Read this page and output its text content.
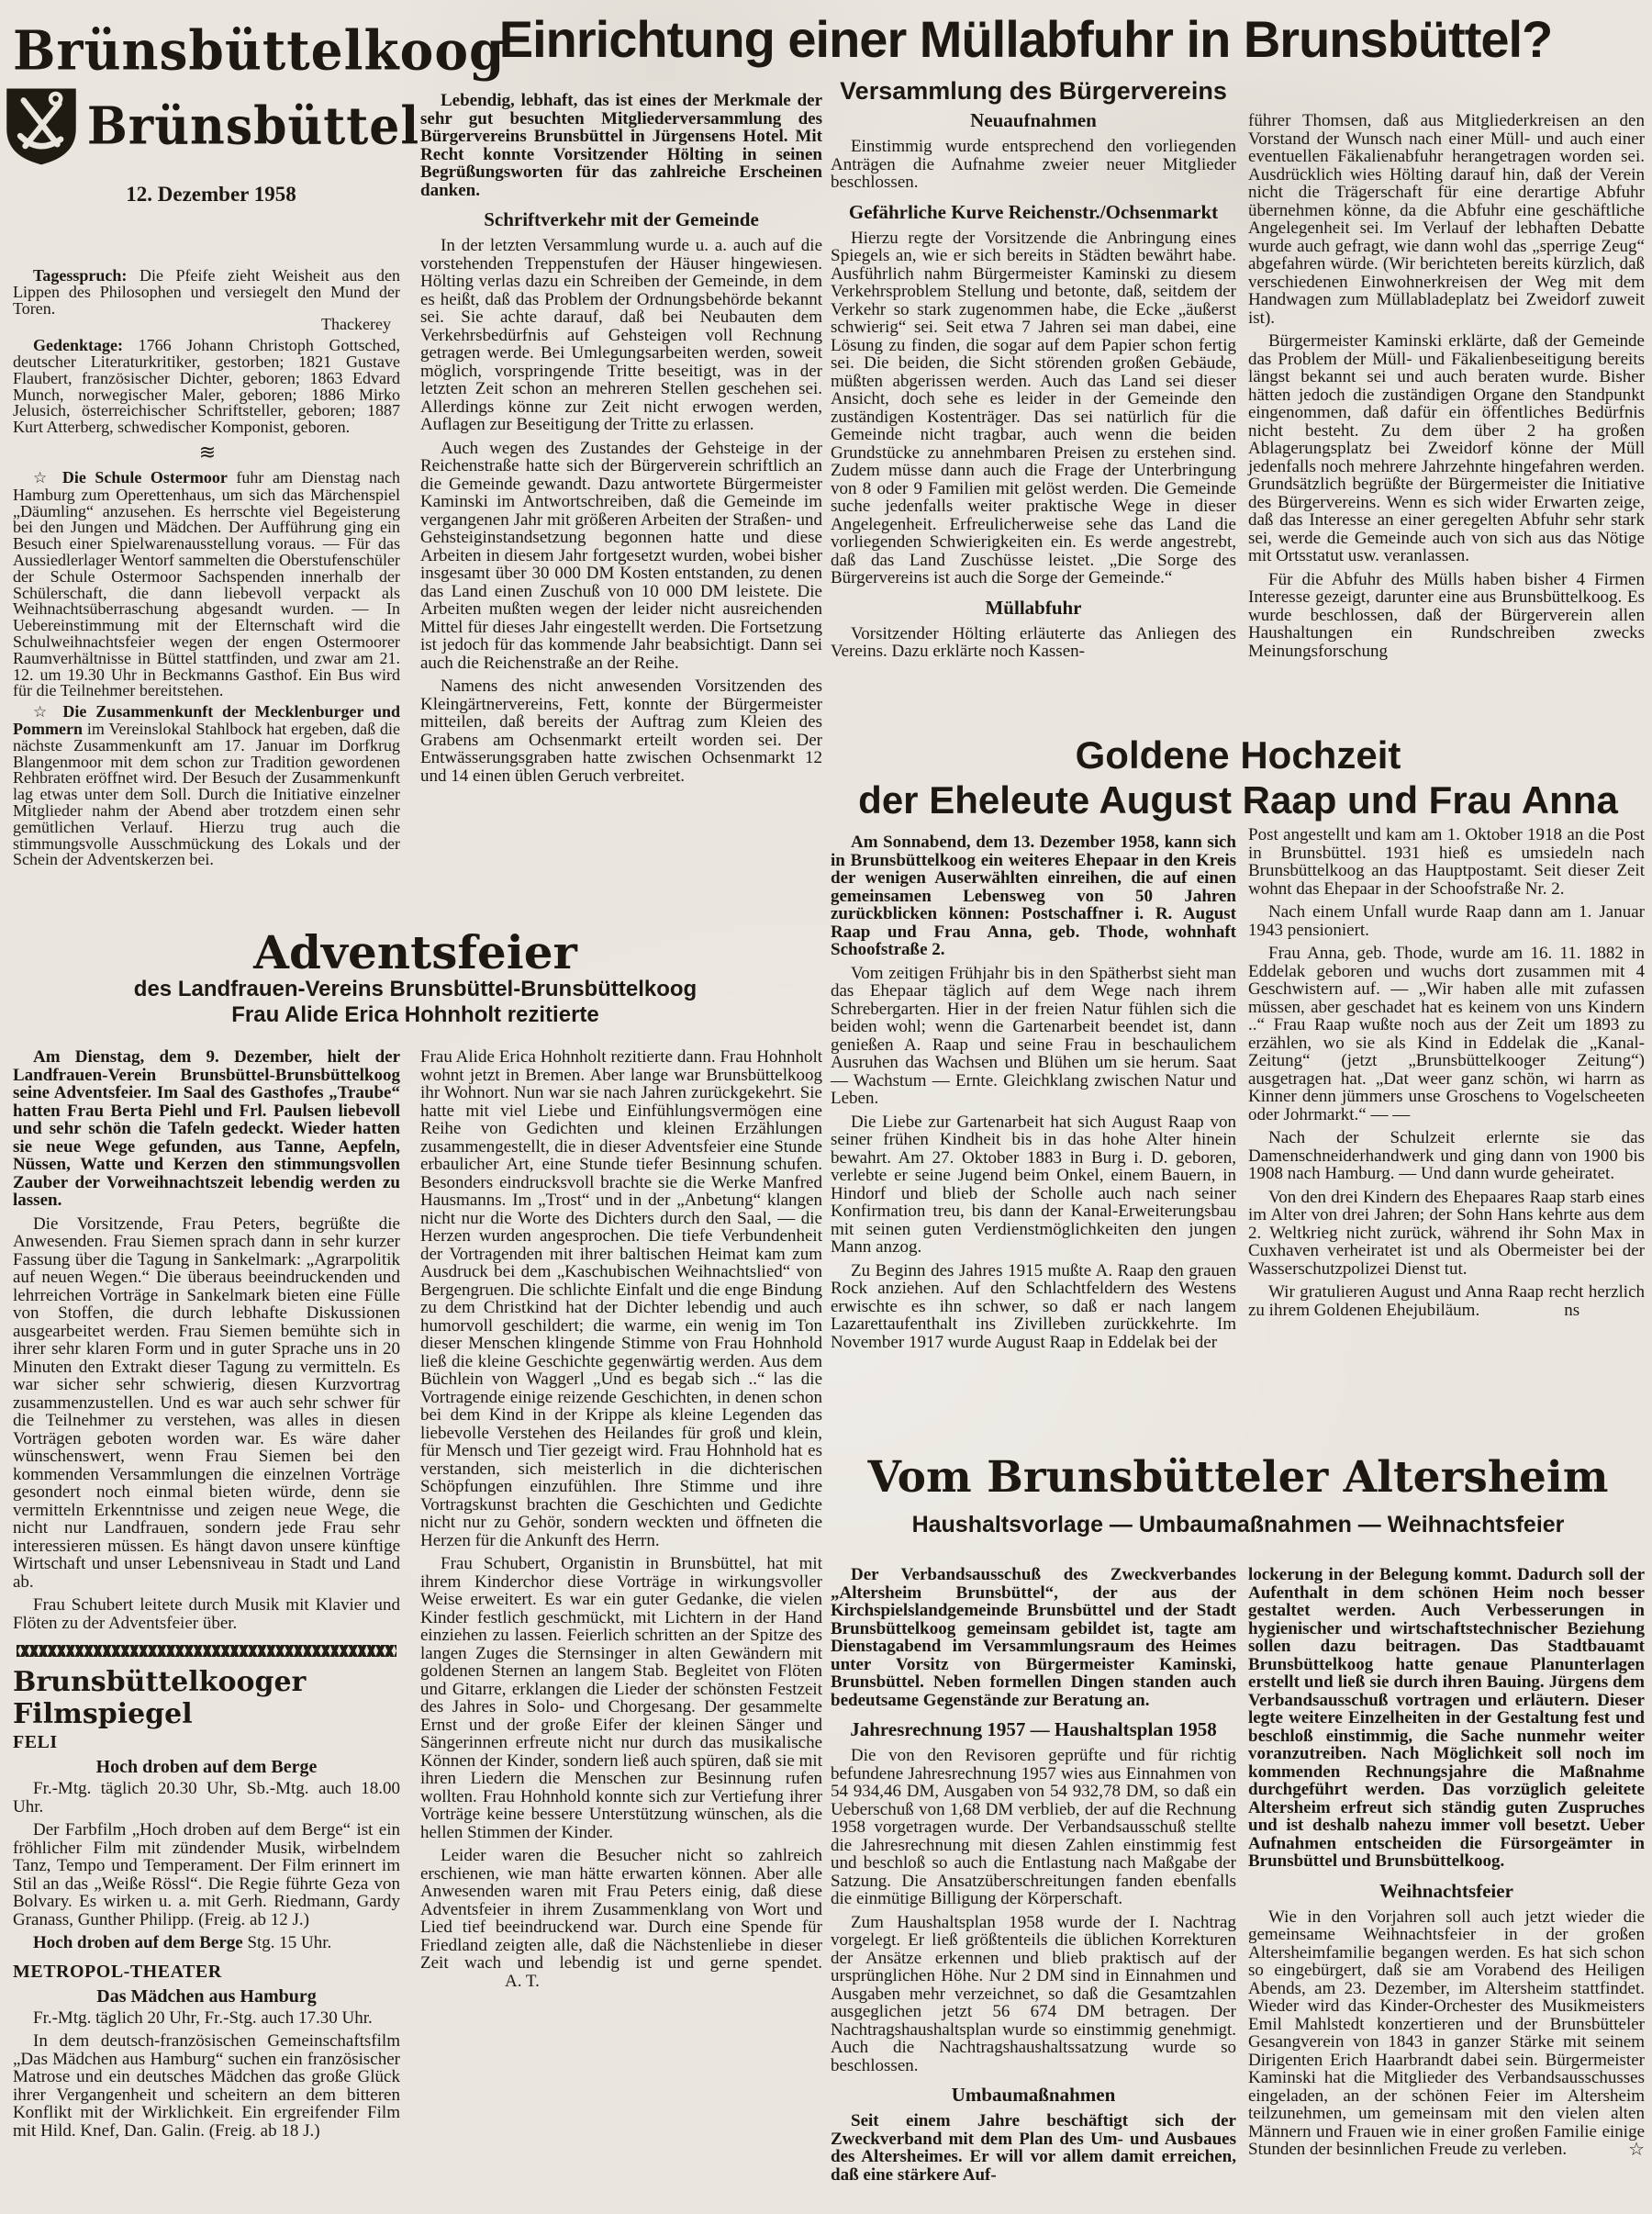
Brünsbüttelkoog
Brünsbüttel
12. Dezember 1958
Einrichtung einer Müllabfuhr in Brunsbüttel?

Tagesspruch: Die Pfeife zieht Weisheit aus den Lippen des Philosophen und versiegelt den Mund der Toren.
Thackerey

Gedenktage: 1766 Johann Christoph Gottsched, deutscher Literaturkritiker, gestorben; 1821 Gustave Flaubert, französischer Dichter, geboren; 1863 Edvard Munch, norwegischer Maler, geboren; 1886 Mirko Jelusich, österreichischer Schriftsteller, geboren; 1887 Kurt Atterberg, schwedischer Komponist, geboren.

≋

☆ Die Schule Ostermoor fuhr am Dienstag nach Hamburg zum Operettenhaus, um sich das Märchenspiel „Däumling“ anzusehen. Es herrschte viel Begeisterung bei den Jungen und Mädchen. Der Aufführung ging ein Besuch einer Spielwarenausstellung voraus. — Für das Aussiedlerlager Wentorf sammelten die Oberstufenschüler der Schule Ostermoor Sachspenden innerhalb der Schülerschaft, die dann liebevoll verpackt als Weihnachtsüberraschung abgesandt wurden. — In Uebereinstimmung mit der Elternschaft wird die Schulweihnachtsfeier wegen der engen Ostermoorer Raumverhältnisse in Büttel stattfinden, und zwar am 21. 12. um 19.30 Uhr in Beckmanns Gasthof. Ein Bus wird für die Teilnehmer bereitstehen.

☆ Die Zusammenkunft der Mecklenburger und Pommern im Vereinslokal Stahlbock hat ergeben, daß die nächste Zusammenkunft am 17. Januar im Dorfkrug Blangenmoor mit dem schon zur Tradition gewordenen Rehbraten eröffnet wird. Der Besuch der Zusammenkunft lag etwas unter dem Soll. Durch die Initiative einzelner Mitglieder nahm der Abend aber trotzdem einen sehr gemütlichen Verlauf. Hierzu trug auch die stimmungsvolle Ausschmückung des Lokals und der Schein der Adventskerzen bei.

Lebendig, lebhaft, das ist eines der Merkmale der sehr gut besuchten Mitgliederversammlung des Bürgervereins Brunsbüttel in Jürgensens Hotel. Mit Recht konnte Vorsitzender Hölting in seinen Begrüßungsworten für das zahlreiche Erscheinen danken.

Schriftverkehr mit der Gemeinde

In der letzten Versammlung wurde u. a. auch auf die vorstehenden Treppenstufen der Häuser hingewiesen. Hölting verlas dazu ein Schreiben der Gemeinde, in dem es heißt, daß das Problem der Ordnungsbehörde bekannt sei. Sie achte darauf, daß bei Neubauten dem Verkehrsbedürfnis auf Gehsteigen voll Rechnung getragen werde. Bei Umlegungsarbeiten werden, soweit möglich, vorspringende Tritte beseitigt, was in der letzten Zeit schon an mehreren Stellen geschehen sei. Allerdings könne zur Zeit nicht erwogen werden, Auflagen zur Beseitigung der Tritte zu erlassen.

Auch wegen des Zustandes der Gehsteige in der Reichenstraße hatte sich der Bürgerverein schriftlich an die Gemeinde gewandt. Dazu antwortete Bürgermeister Kaminski im Antwortschreiben, daß die Gemeinde im vergangenen Jahr mit größeren Arbeiten der Straßen- und Gehsteiginstandsetzung begonnen hatte und diese Arbeiten in diesem Jahr fortgesetzt wurden, wobei bisher insgesamt über 30 000 DM Kosten entstanden, zu denen das Land einen Zuschuß von 10 000 DM leistete. Die Arbeiten mußten wegen der leider nicht ausreichenden Mittel für dieses Jahr eingestellt werden. Die Fortsetzung ist jedoch für das kommende Jahr beabsichtigt. Dann sei auch die Reichenstraße an der Reihe.

Namens des nicht anwesenden Vorsitzenden des Kleingärtnervereins, Fett, konnte der Bürgermeister mitteilen, daß bereits der Auftrag zum Kleien des Grabens am Ochsenmarkt erteilt worden sei. Der Entwässerungsgraben hatte zwischen Ochsenmarkt 12 und 14 einen üblen Geruch verbreitet.

Versammlung des Bürgervereins
Neuaufnahmen

Einstimmig wurde entsprechend den vorliegenden Anträgen die Aufnahme zweier neuer Mitglieder beschlossen.

Gefährliche Kurve Reichenstr./Ochsenmarkt

Hierzu regte der Vorsitzende die Anbringung eines Spiegels an, wie er sich bereits in Städten bewährt habe. Ausführlich nahm Bürgermeister Kaminski zu diesem Verkehrsproblem Stellung und betonte, daß, seitdem der Verkehr so stark zugenommen habe, die Ecke „äußerst schwierig“ sei. Seit etwa 7 Jahren sei man dabei, eine Lösung zu finden, die sogar auf dem Papier schon fertig sei. Die beiden, die Sicht störenden großen Gebäude, müßten abgerissen werden. Auch das Land sei dieser Ansicht, doch sehe es leider in der Gemeinde den zuständigen Kostenträger. Das sei natürlich für die Gemeinde nicht tragbar, auch wenn die beiden Grundstücke zu annehmbaren Preisen zu erstehen sind. Zudem müsse dann auch die Frage der Unterbringung von 8 oder 9 Familien mit gelöst werden. Die Gemeinde suche jedenfalls weiter praktische Wege in dieser Angelegenheit. Erfreulicherweise sehe das Land die vorliegenden Schwierigkeiten ein. Es werde angestrebt, daß das Land Zuschüsse leistet. „Die Sorge des Bürgervereins ist auch die Sorge der Gemeinde.“

Müllabfuhr

Vorsitzender Hölting erläuterte das Anliegen des Vereins. Dazu erklärte noch Kassen-

führer Thomsen, daß aus Mitgliederkreisen an den Vorstand der Wunsch nach einer Müll- und auch einer eventuellen Fäkalienabfuhr herangetragen worden sei. Ausdrücklich wies Hölting darauf hin, daß der Verein nicht die Trägerschaft für eine derartige Abfuhr übernehmen könne, da die Abfuhr eine geschäftliche Angelegenheit sei. Im Verlauf der lebhaften Debatte wurde auch gefragt, wie dann wohl das „sperrige Zeug“ abgefahren würde. (Wir berichteten bereits kürzlich, daß verschiedenen Einwohnerkreisen der Weg mit dem Handwagen zum Müllabladeplatz bei Zweidorf zuweit ist).

Bürgermeister Kaminski erklärte, daß der Gemeinde das Problem der Müll- und Fäkalienbeseitigung bereits längst bekannt sei und auch beraten wurde. Bisher hätten jedoch die zuständigen Organe den Standpunkt eingenommen, daß dafür ein öffentliches Bedürfnis nicht besteht. Zu dem über 2 ha großen Ablagerungsplatz bei Zweidorf könne der Müll jedenfalls noch mehrere Jahrzehnte hingefahren werden. Grundsätzlich begrüßte der Bürgermeister die Initiative des Bürgervereins. Wenn es sich wider Erwarten zeige, daß das Interesse an einer geregelten Abfuhr sehr stark sei, werde die Gemeinde auch von sich aus das Nötige mit Ortsstatut usw. veranlassen.

Für die Abfuhr des Mülls haben bisher 4 Firmen Interesse gezeigt, darunter eine aus Brunsbüttelkoog. Es wurde beschlossen, daß der Bürgerverein allen Haushaltungen ein Rundschreiben zwecks Meinungsforschung

Goldene Hochzeit
der Eheleute August Raap und Frau Anna

Am Sonnabend, dem 13. Dezember 1958, kann sich in Brunsbüttelkoog ein weiteres Ehepaar in den Kreis der wenigen Auserwählten einreihen, die auf einen gemeinsamen Lebensweg von 50 Jahren zurückblicken können: Postschaffner i. R. August Raap und Frau Anna, geb. Thode, wohnhaft Schoofstraße 2.

Vom zeitigen Frühjahr bis in den Spätherbst sieht man das Ehepaar täglich auf dem Wege nach ihrem Schrebergarten. Hier in der freien Natur fühlen sich die beiden wohl; wenn die Gartenarbeit beendet ist, dann genießen A. Raap und seine Frau in beschaulichem Ausruhen das Wachsen und Blühen um sie herum. Saat — Wachstum — Ernte. Gleichklang zwischen Natur und Leben.

Die Liebe zur Gartenarbeit hat sich August Raap von seiner frühen Kindheit bis in das hohe Alter hinein bewahrt. Am 27. Oktober 1883 in Burg i. D. geboren, verlebte er seine Jugend beim Onkel, einem Bauern, in Hindorf und blieb der Scholle auch nach seiner Konfirmation treu, bis dann der Kanal-Erweiterungsbau mit seinen guten Verdienstmöglichkeiten den jungen Mann anzog.

Zu Beginn des Jahres 1915 mußte A. Raap den grauen Rock anziehen. Auf den Schlachtfeldern des Westens erwischte es ihn schwer, so daß er nach langem Lazarettaufenthalt ins Zivilleben zurückkehrte. Im November 1917 wurde August Raap in Eddelak bei der

Post angestellt und kam am 1. Oktober 1918 an die Post in Brunsbüttel. 1931 hieß es umsiedeln nach Brunsbüttelkoog an das Hauptpostamt. Seit dieser Zeit wohnt das Ehepaar in der Schoofstraße Nr. 2.

Nach einem Unfall wurde Raap dann am 1. Januar 1943 pensioniert.

Frau Anna, geb. Thode, wurde am 16. 11. 1882 in Eddelak geboren und wuchs dort zusammen mit 4 Geschwistern auf. — „Wir haben alle mit zufassen müssen, aber geschadet hat es keinem von uns Kindern ..“ Frau Raap wußte noch aus der Zeit um 1893 zu erzählen, wo sie als Kind in Eddelak die „Kanal-Zeitung“ (jetzt „Brunsbüttelkooger Zeitung“) ausgetragen hat. „Dat weer ganz schön, wi harrn as Kinner denn jümmers unse Groschens to Vogelscheeten oder Johrmarkt.“ — —

Nach der Schulzeit erlernte sie das Damenschneiderhandwerk und ging dann von 1900 bis 1908 nach Hamburg. — Und dann wurde geheiratet.

Von den drei Kindern des Ehepaares Raap starb eines im Alter von drei Jahren; der Sohn Hans kehrte aus dem 2. Weltkrieg nicht zurück, während ihr Sohn Max in Cuxhaven verheiratet ist und als Obermeister bei der Wasserschutzpolizei Dienst tut.

Wir gratulieren August und Anna Raap recht herzlich zu ihrem Goldenen Ehejubiläum.	ns

Adventsfeier
des Landfrauen-Vereins Brunsbüttel-Brunsbüttelkoog
Frau Alide Erica Hohnholt rezitierte

Am Dienstag, dem 9. Dezember, hielt der Landfrauen-Verein Brunsbüttel-Brunsbüttelkoog seine Adventsfeier. Im Saal des Gasthofes „Traube“ hatten Frau Berta Piehl und Frl. Paulsen liebevoll und sehr schön die Tafeln gedeckt. Wieder hatten sie neue Wege gefunden, aus Tanne, Aepfeln, Nüssen, Watte und Kerzen den stimmungsvollen Zauber der Vorweihnachtszeit lebendig werden zu lassen.

Die Vorsitzende, Frau Peters, begrüßte die Anwesenden. Frau Siemen sprach dann in sehr kurzer Fassung über die Tagung in Sankelmark: „Agrarpolitik auf neuen Wegen.“ Die überaus beeindruckenden und lehrreichen Vorträge in Sankelmark bieten eine Fülle von Stoffen, die durch lebhafte Diskussionen ausgearbeitet werden. Frau Siemen bemühte sich in ihrer sehr klaren Form und in guter Sprache uns in 20 Minuten den Extrakt dieser Tagung zu vermitteln. Es war sicher sehr schwierig, diesen Kurzvortrag zusammenzustellen. Und es war auch sehr schwer für die Teilnehmer zu verstehen, was alles in diesen Vorträgen geboten worden war. Es wäre daher wünschenswert, wenn Frau Siemen bei den kommenden Versammlungen die einzelnen Vorträge gesondert noch einmal bieten würde, denn sie vermitteln Erkenntnisse und zeigen neue Wege, die nicht nur Landfrauen, sondern jede Frau sehr interessieren müssen. Es hängt davon unsere künftige Wirtschaft und unser Lebensniveau in Stadt und Land ab.

Frau Schubert leitete durch Musik mit Klavier und Flöten zu der Adventsfeier über.

Brunsbüttelkooger Filmspiegel
FELI
Hoch droben auf dem Berge

Fr.-Mtg. täglich 20.30 Uhr, Sb.-Mtg. auch 18.00 Uhr.

Der Farbfilm „Hoch droben auf dem Berge“ ist ein fröhlicher Film mit zündender Musik, wirbelndem Tanz, Tempo und Temperament. Der Film erinnert im Stil an das „Weiße Rössl“. Die Regie führte Geza von Bolvary. Es wirken u. a. mit Gerh. Riedmann, Gardy Granass, Gunther Philipp. (Freig. ab 12 J.)

Hoch droben auf dem Berge Stg. 15 Uhr.

METROPOL-THEATER
Das Mädchen aus Hamburg

Fr.-Mtg. täglich 20 Uhr, Fr.-Stg. auch 17.30 Uhr.

In dem deutsch-französischen Gemeinschaftsfilm „Das Mädchen aus Hamburg“ suchen ein französischer Matrose und ein deutsches Mädchen das große Glück ihrer Vergangenheit und scheitern an dem bitteren Konflikt mit der Wirklichkeit. Ein ergreifender Film mit Hild. Knef, Dan. Galin. (Freig. ab 18 J.)

Frau Alide Erica Hohnholt rezitierte dann. Frau Hohnholt wohnt jetzt in Bremen. Aber lange war Brunsbüttelkoog ihr Wohnort. Nun war sie nach Jahren zurückgekehrt. Sie hatte mit viel Liebe und Einfühlungsvermögen eine Reihe von Gedichten und kleinen Erzählungen zusammengestellt, die in dieser Adventsfeier eine Stunde erbaulicher Art, eine Stunde tiefer Besinnung schufen. Besonders eindrucksvoll brachte sie die Werke Manfred Hausmanns. Im „Trost“ und in der „Anbetung“ klangen nicht nur die Worte des Dichters durch den Saal, — die Herzen wurden angesprochen. Die tiefe Verbundenheit der Vortragenden mit ihrer baltischen Heimat kam zum Ausdruck bei dem „Kaschubischen Weihnachtslied“ von Bergengruen. Die schlichte Einfalt und die enge Bindung zu dem Christkind hat der Dichter lebendig und auch humorvoll geschildert; die warme, ein wenig im Ton dieser Menschen klingende Stimme von Frau Hohnhold ließ die kleine Geschichte gegenwärtig werden. Aus dem Büchlein von Waggerl „Und es begab sich ..“ las die Vortragende einige reizende Geschichten, in denen schon bei dem Kind in der Krippe als kleine Legenden das liebevolle Verstehen des Heilandes für groß und klein, für Mensch und Tier gezeigt wird. Frau Hohnhold hat es verstanden, sich meisterlich in die dichterischen Schöpfungen einzufühlen. Ihre Stimme und ihre Vortragskunst brachten die Geschichten und Gedichte nicht nur zu Gehör, sondern weckten und öffneten die Herzen für die Ankunft des Herrn.

Frau Schubert, Organistin in Brunsbüttel, hat mit ihrem Kinderchor diese Vorträge in wirkungsvoller Weise erweitert. Es war ein guter Gedanke, die vielen Kinder festlich geschmückt, mit Lichtern in der Hand einziehen zu lassen. Feierlich schritten an der Spitze des langen Zuges die Sternsinger in alten Gewändern mit goldenen Sternen an langem Stab. Begleitet von Flöten und Gitarre, erklangen die Lieder der schönsten Festzeit des Jahres in Solo- und Chorgesang. Der gesammelte Ernst und der große Eifer der kleinen Sänger und Sängerinnen erfreute nicht nur durch das musikalische Können der Kinder, sondern ließ auch spüren, daß sie mit ihren Liedern die Menschen zur Besinnung rufen wollten. Frau Hohnhold konnte sich zur Vertiefung ihrer Vorträge keine bessere Unterstützung wünschen, als die hellen Stimmen der Kinder.

Leider waren die Besucher nicht so zahlreich erschienen, wie man hätte erwarten können. Aber alle Anwesenden waren mit Frau Peters einig, daß diese Adventsfeier in ihrem Zusammenklang von Wort und Lied tief beeindruckend war. Durch eine Spende für Friedland zeigten alle, daß die Nächstenliebe in dieser Zeit wach und lebendig ist und gerne spendet.A. T.

Vom Brunsbütteler Altersheim
Haushaltsvorlage — Umbaumaßnahmen — Weihnachtsfeier

Der Verbandsausschuß des Zweckverbandes „Altersheim Brunsbüttel“, der aus der Kirchspielslandgemeinde Brunsbüttel und der Stadt Brunsbüttelkoog gemeinsam gebildet ist, tagte am Dienstagabend im Versammlungsraum des Heimes unter Vorsitz von Bürgermeister Kaminski, Brunsbüttel. Neben formellen Dingen standen auch bedeutsame Gegenstände zur Beratung an.

Jahresrechnung 1957 — Haushaltsplan 1958

Die von den Revisoren geprüfte und für richtig befundene Jahresrechnung 1957 wies aus Einnahmen von 54 934,46 DM, Ausgaben von 54 932,78 DM, so daß ein Ueberschuß von 1,68 DM verblieb, der auf die Rechnung 1958 vorgetragen wurde. Der Verbandsausschuß stellte die Jahresrechnung mit diesen Zahlen einstimmig fest und beschloß so auch die Entlastung nach Maßgabe der Satzung. Die Ansatzüberschreitungen fanden ebenfalls die einmütige Billigung der Körperschaft.

Zum Haushaltsplan 1958 wurde der I. Nachtrag vorgelegt. Er ließ größtenteils die üblichen Korrekturen der Ansätze erkennen und blieb praktisch auf der ursprünglichen Höhe. Nur 2 DM sind in Einnahmen und Ausgaben mehr verzeichnet, so daß die Gesamtzahlen ausgeglichen jetzt 56 674 DM betragen. Der Nachtragshaushaltsplan wurde so einstimmig genehmigt. Auch die Nachtragshaushaltssatzung wurde so beschlossen.

Umbaumaßnahmen

Seit einem Jahre beschäftigt sich der Zweckverband mit dem Plan des Um- und Ausbaues des Altersheimes. Er will vor allem damit erreichen, daß eine stärkere Auf-

lockerung in der Belegung kommt. Dadurch soll der Aufenthalt in dem schönen Heim noch besser gestaltet werden. Auch Verbesserungen in hygienischer und wirtschaftstechnischer Beziehung sollen dazu beitragen. Das Stadtbauamt Brunsbüttelkoog hatte genaue Planunterlagen erstellt und ließ sie durch ihren Bauing. Jürgens dem Verbandsausschuß vortragen und erläutern. Dieser legte weitere Einzelheiten in der Gestaltung fest und beschloß einstimmig, die Sache nunmehr weiter voranzutreiben. Nach Möglichkeit soll noch im kommenden Rechnungsjahre die Maßnahme durchgeführt werden. Das vorzüglich geleitete Altersheim erfreut sich ständig guten Zuspruches und ist deshalb nahezu immer voll besetzt. Ueber Aufnahmen entscheiden die Fürsorgeämter in Brunsbüttel und Brunsbüttelkoog.

Weihnachtsfeier

Wie in den Vorjahren soll auch jetzt wieder die gemeinsame Weihnachtsfeier in der großen Altersheimfamilie begangen werden. Es hat sich schon so eingebürgert, daß sie am Vorabend des Heiligen Abends, am 23. Dezember, im Altersheim stattfindet. Wieder wird das Kinder-Orchester des Musikmeisters Emil Mahlstedt konzertieren und der Brunsbütteler Gesangverein von 1843 in ganzer Stärke mit seinem Dirigenten Erich Haarbrandt dabei sein. Bürgermeister Kaminski hat die Mitglieder des Verbandsausschusses eingeladen, an der schönen Feier im Altersheim teilzunehmen, um gemeinsam mit den vielen alten Männern und Frauen wie in einer großen Familie einige Stunden der besinnlichen Freude zu verleben.	☆
